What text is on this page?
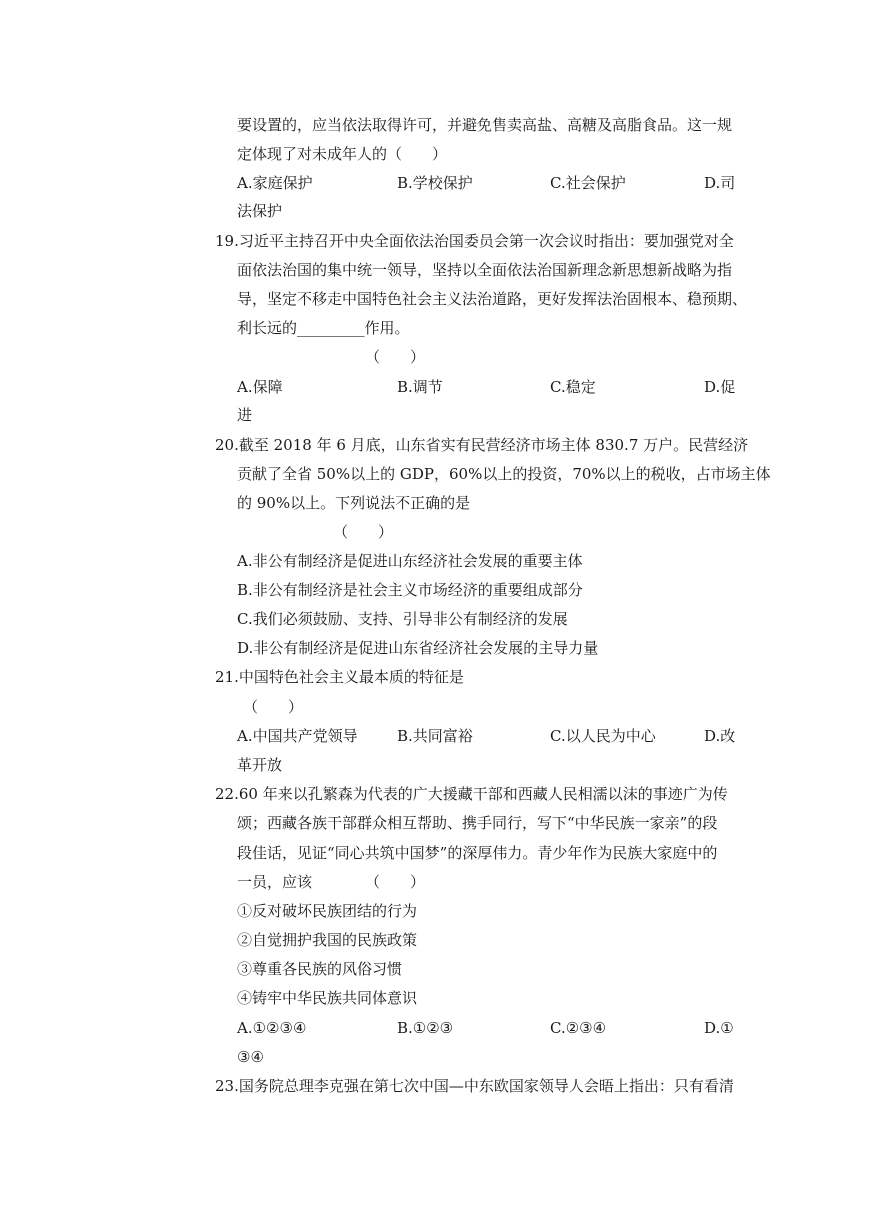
要设置的，应当依法取得许可，并避免售卖高盐、高糖及高脂食品。这一规
定体现了对未成年人的（　　）
A.家庭保护	B.学校保护	C.社会保护	D.司
法保护
19.习近平主持召开中央全面依法治国委员会第一次会议时指出：要加强党对全
面依法治国的集中统一领导，坚持以全面依法治国新理念新思想新战略为指
导，坚定不移走中国特色社会主义法治道路，更好发挥法治固根本、稳预期、
利长远的_________作用。
（　　）
A.保障	B.调节	C.稳定	D.促
进
20.截至 2018 年 6 月底，山东省实有民营经济市场主体 830.7 万户。民营经济
贡献了全省 50%以上的 GDP，60%以上的投资，70%以上的税收，占市场主体
的 90%以上。下列说法不正确的是
（　　）
A.非公有制经济是促进山东经济社会发展的重要主体
B.非公有制经济是社会主义市场经济的重要组成部分
C.我们必须鼓励、支持、引导非公有制经济的发展
D.非公有制经济是促进山东省经济社会发展的主导力量
21.中国特色社会主义最本质的特征是
（　　）
A.中国共产党领导	B.共同富裕	C.以人民为中心	D.改
革开放
22.60 年来以孔繁森为代表的广大援藏干部和西藏人民相濡以沫的事迹广为传
颂；西藏各族干部群众相互帮助、携手同行，写下“中华民族一家亲”的段
段佳话，见证“同心共筑中国梦”的深厚伟力。青少年作为民族大家庭中的
一员，应该	（　　）
①反对破坏民族团结的行为
②自觉拥护我国的民族政策
③尊重各民族的风俗习惯
④铸牢中华民族共同体意识
A.①②③④	B.①②③	C.②③④	D.①
③④
23.国务院总理李克强在第七次中国—中东欧国家领导人会晤上指出：只有看清
